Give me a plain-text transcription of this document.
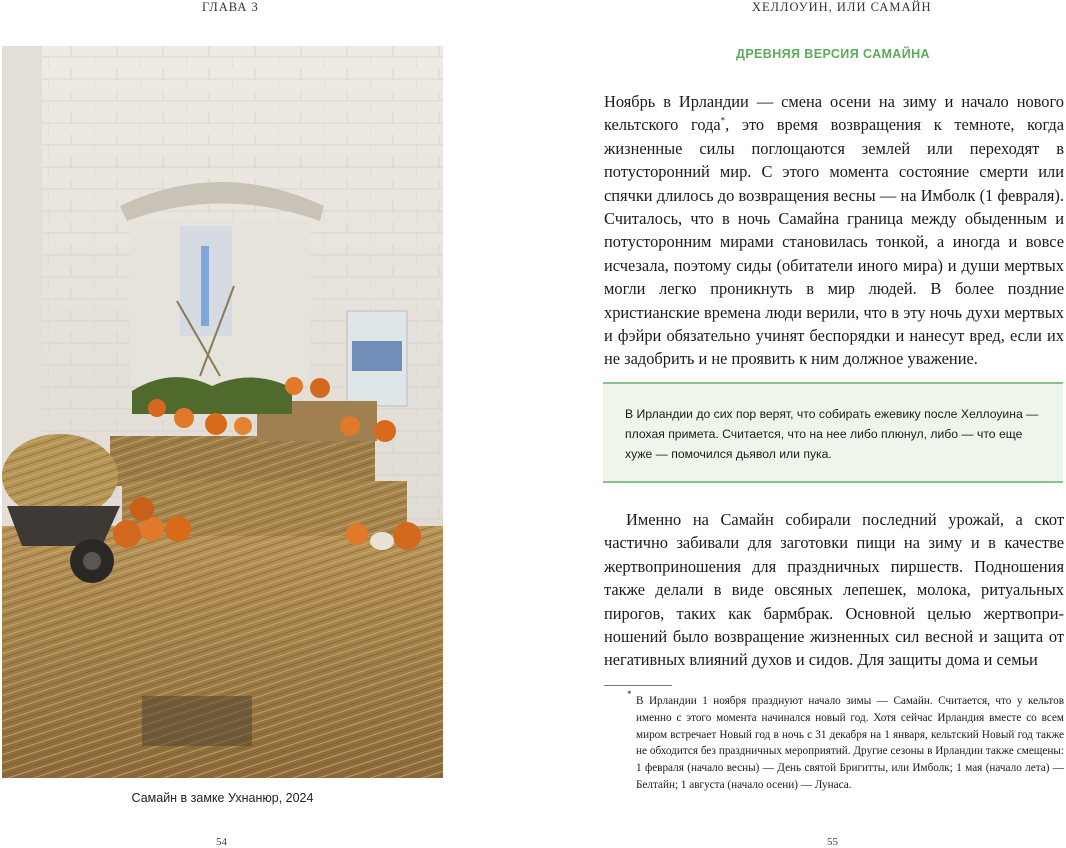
ГЛАВА 3	ХЕЛЛОУИН, ИЛИ САМАЙН
Самайн в замке Ухнанюр, 2024
54
ДРЕВНЯЯ ВЕРСИЯ САМАЙНА

Ноябрь в Ирландии — смена осени на зиму и начало нового кельтского года*, это время возвращения к темноте, когда жизненные силы поглощаются землей или переходят в потусторонний мир. С этого момента состояние смерти или спячки длилось до возвращения весны — на Имболк (1 февраля). Считалось, что в ночь Самайна граница между обыденным и потусторонним мирами становилась тонкой, а иногда и вовсе исчезала, поэтому сиды (обитатели иного мира) и души мертвых могли легко проникнуть в мир людей. В более поздние христианские времена люди верили, что в эту ночь духи мертвых и фэйри обязательно учинят беспорядки и нанесут вред, если их не задобрить и не проявить к ним должное уважение.

В Ирландии до сих пор верят, что собирать ежевику после Хеллоуина — плохая примета. Считается, что на нее либо плюнул, либо — что еще хуже — помочился дьявол или пука.

Именно на Самайн собирали последний урожай, а скот частично забивали для заготовки пищи на зиму и в качестве жертвоприношения для праздничных пиршеств. Подношения также делали в виде овсяных лепешек, молока, ритуальных пирогов, таких как бармбрак. Основной целью жертвоприношений было возвращение жизненных сил весной и защита от негативных влияний духов и сидов. Для защиты дома и семьи

*

В Ирландии 1 ноября празднуют начало зимы — Самайн. Считается, что у кельтов именно с этого момента начинался новый год. Хотя сейчас Ирландия вместе со всем миром встречает Новый год в ночь с 31 декабря на 1 января, кельтский Новый год также не обходится без праздничных мероприятий. Другие сезоны в Ирландии также смещены: 1 февраля (начало весны) — День святой Бригитты, или Имболк; 1 мая (начало лета) — Белтайн; 1 августа (начало осени) — Лунаса.

55
